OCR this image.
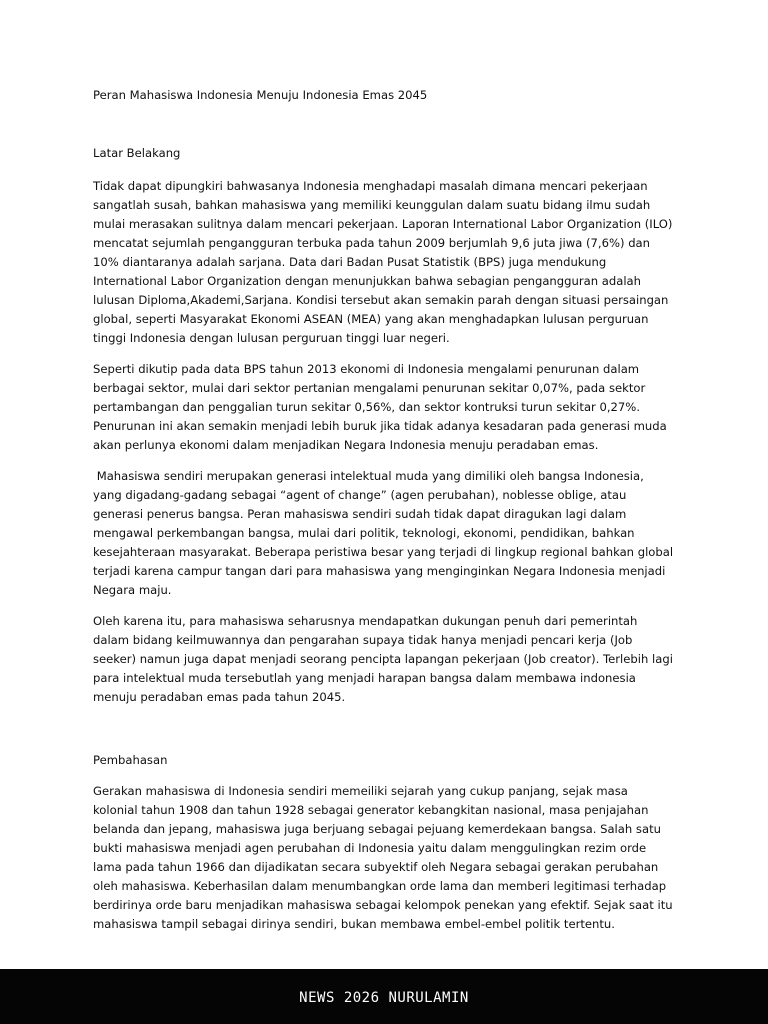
Peran Mahasiswa Indonesia Menuju Indonesia Emas 2045
Latar Belakang

Tidak dapat dipungkiri bahwasanya Indonesia menghadapi masalah dimana mencari pekerjaan sangatlah susah, bahkan mahasiswa yang memiliki keunggulan dalam suatu bidang ilmu sudah mulai merasakan sulitnya dalam mencari pekerjaan. Laporan International Labor Organization (ILO) mencatat sejumlah pengangguran terbuka pada tahun 2009 berjumlah 9,6 juta jiwa (7,6%) dan 10% diantaranya adalah sarjana. Data dari Badan Pusat Statistik (BPS) juga mendukung International Labor Organization dengan menunjukkan bahwa sebagian pengangguran adalah lulusan Diploma,Akademi,Sarjana. Kondisi tersebut akan semakin parah dengan situasi persaingan global, seperti Masyarakat Ekonomi ASEAN (MEA) yang akan menghadapkan lulusan perguruan tinggi Indonesia dengan lulusan perguruan tinggi luar negeri.

Seperti dikutip pada data BPS tahun 2013 ekonomi di Indonesia mengalami penurunan dalam berbagai sektor, mulai dari sektor pertanian mengalami penurunan sekitar 0,07%, pada sektor pertambangan dan penggalian turun sekitar 0,56%, dan sektor kontruksi turun sekitar 0,27%. Penurunan ini akan semakin menjadi lebih buruk jika tidak adanya kesadaran pada generasi muda akan perlunya ekonomi dalam menjadikan Negara Indonesia menuju peradaban emas.

Mahasiswa sendiri merupakan generasi intelektual muda yang dimiliki oleh bangsa Indonesia, yang digadang-gadang sebagai “agent of change” (agen perubahan), noblesse oblige, atau generasi penerus bangsa. Peran mahasiswa sendiri sudah tidak dapat diragukan lagi dalam mengawal perkembangan bangsa, mulai dari politik, teknologi, ekonomi, pendidikan, bahkan kesejahteraan masyarakat. Beberapa peristiwa besar yang terjadi di lingkup regional bahkan global terjadi karena campur tangan dari para mahasiswa yang menginginkan Negara Indonesia menjadi Negara maju.

Oleh karena itu, para mahasiswa seharusnya mendapatkan dukungan penuh dari pemerintah dalam bidang keilmuwannya dan pengarahan supaya tidak hanya menjadi pencari kerja (Job seeker) namun juga dapat menjadi seorang pencipta lapangan pekerjaan (Job creator). Terlebih lagi para intelektual muda tersebutlah yang menjadi harapan bangsa dalam membawa indonesia menuju peradaban emas pada tahun 2045.

Pembahasan

Gerakan mahasiswa di Indonesia sendiri memeiliki sejarah yang cukup panjang, sejak masa kolonial tahun 1908 dan tahun 1928 sebagai generator kebangkitan nasional, masa penjajahan belanda dan jepang, mahasiswa juga berjuang sebagai pejuang kemerdekaan bangsa. Salah satu bukti mahasiswa menjadi agen perubahan di Indonesia yaitu dalam menggulingkan rezim orde lama pada tahun 1966 dan dijadikatan secara subyektif oleh Negara sebagai gerakan perubahan oleh mahasiswa. Keberhasilan dalam menumbangkan orde lama dan memberi legitimasi terhadap berdirinya orde baru menjadikan mahasiswa sebagai kelompok penekan yang efektif. Sejak saat itu mahasiswa tampil sebagai dirinya sendiri, bukan membawa embel-embel politik tertentu.

NEWS 2026 NURULAMIN
